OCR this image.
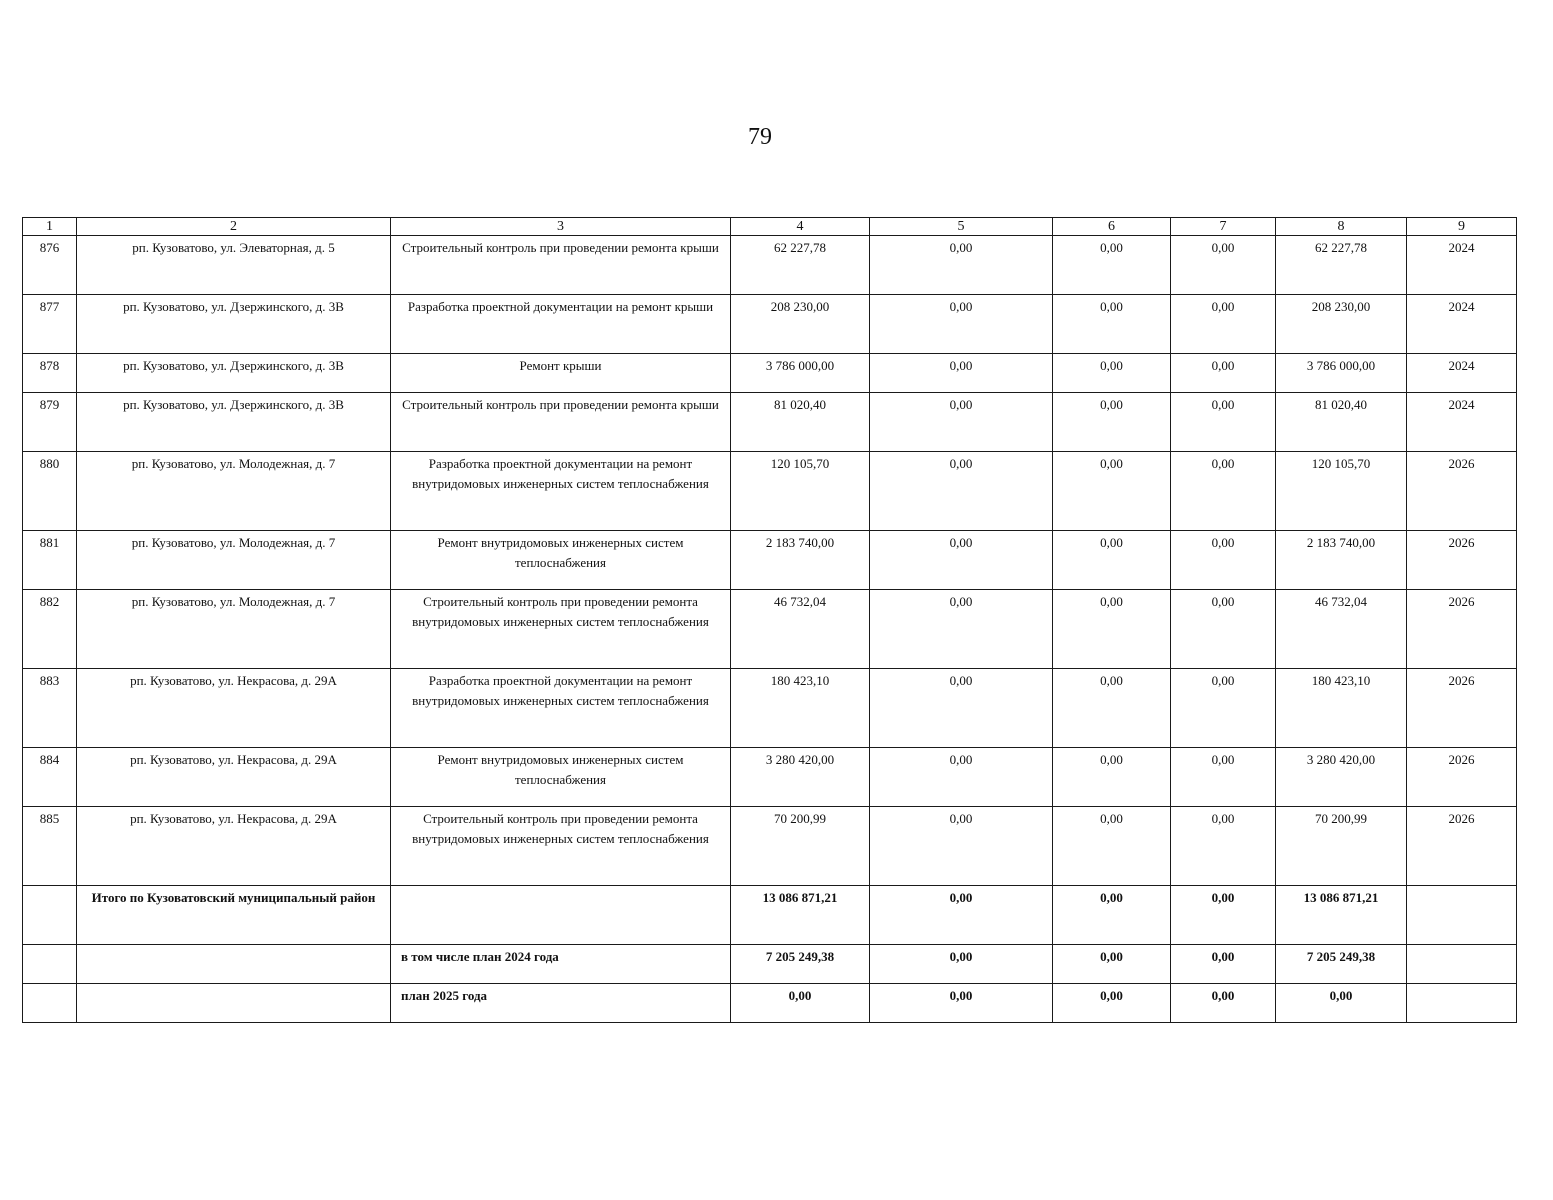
79
1	2	3	4	5	6	7	8	9
876	рп. Кузоватово, ул. Элеваторная, д. 5	Строительный контроль при проведении ремонта крыши	62 227,78	0,00	0,00	0,00	62 227,78	2024
877	рп. Кузоватово, ул. Дзержинского, д. 3В	Разработка проектной документации на ремонт крыши	208 230,00	0,00	0,00	0,00	208 230,00	2024
878	рп. Кузоватово, ул. Дзержинского, д. 3В	Ремонт крыши	3 786 000,00	0,00	0,00	0,00	3 786 000,00	2024
879	рп. Кузоватово, ул. Дзержинского, д. 3В	Строительный контроль при проведении ремонта крыши	81 020,40	0,00	0,00	0,00	81 020,40	2024
880	рп. Кузоватово, ул. Молодежная, д. 7	Разработка проектной документации на ремонт внутридомовых инженерных систем теплоснабжения	120 105,70	0,00	0,00	0,00	120 105,70	2026
881	рп. Кузоватово, ул. Молодежная, д. 7	Ремонт внутридомовых инженерных систем теплоснабжения	2 183 740,00	0,00	0,00	0,00	2 183 740,00	2026
882	рп. Кузоватово, ул. Молодежная, д. 7	Строительный контроль при проведении ремонта внутридомовых инженерных систем теплоснабжения	46 732,04	0,00	0,00	0,00	46 732,04	2026
883	рп. Кузоватово, ул. Некрасова, д. 29А	Разработка проектной документации на ремонт внутридомовых инженерных систем теплоснабжения	180 423,10	0,00	0,00	0,00	180 423,10	2026
884	рп. Кузоватово, ул. Некрасова, д. 29А	Ремонт внутридомовых инженерных систем теплоснабжения	3 280 420,00	0,00	0,00	0,00	3 280 420,00	2026
885	рп. Кузоватово, ул. Некрасова, д. 29А	Строительный контроль при проведении ремонта внутридомовых инженерных систем теплоснабжения	70 200,99	0,00	0,00	0,00	70 200,99	2026
	Итого по Кузоватовский муниципальный район		13 086 871,21	0,00	0,00	0,00	13 086 871,21	
		в том числе план 2024 года	7 205 249,38	0,00	0,00	0,00	7 205 249,38	
		план 2025 года	0,00	0,00	0,00	0,00	0,00	
